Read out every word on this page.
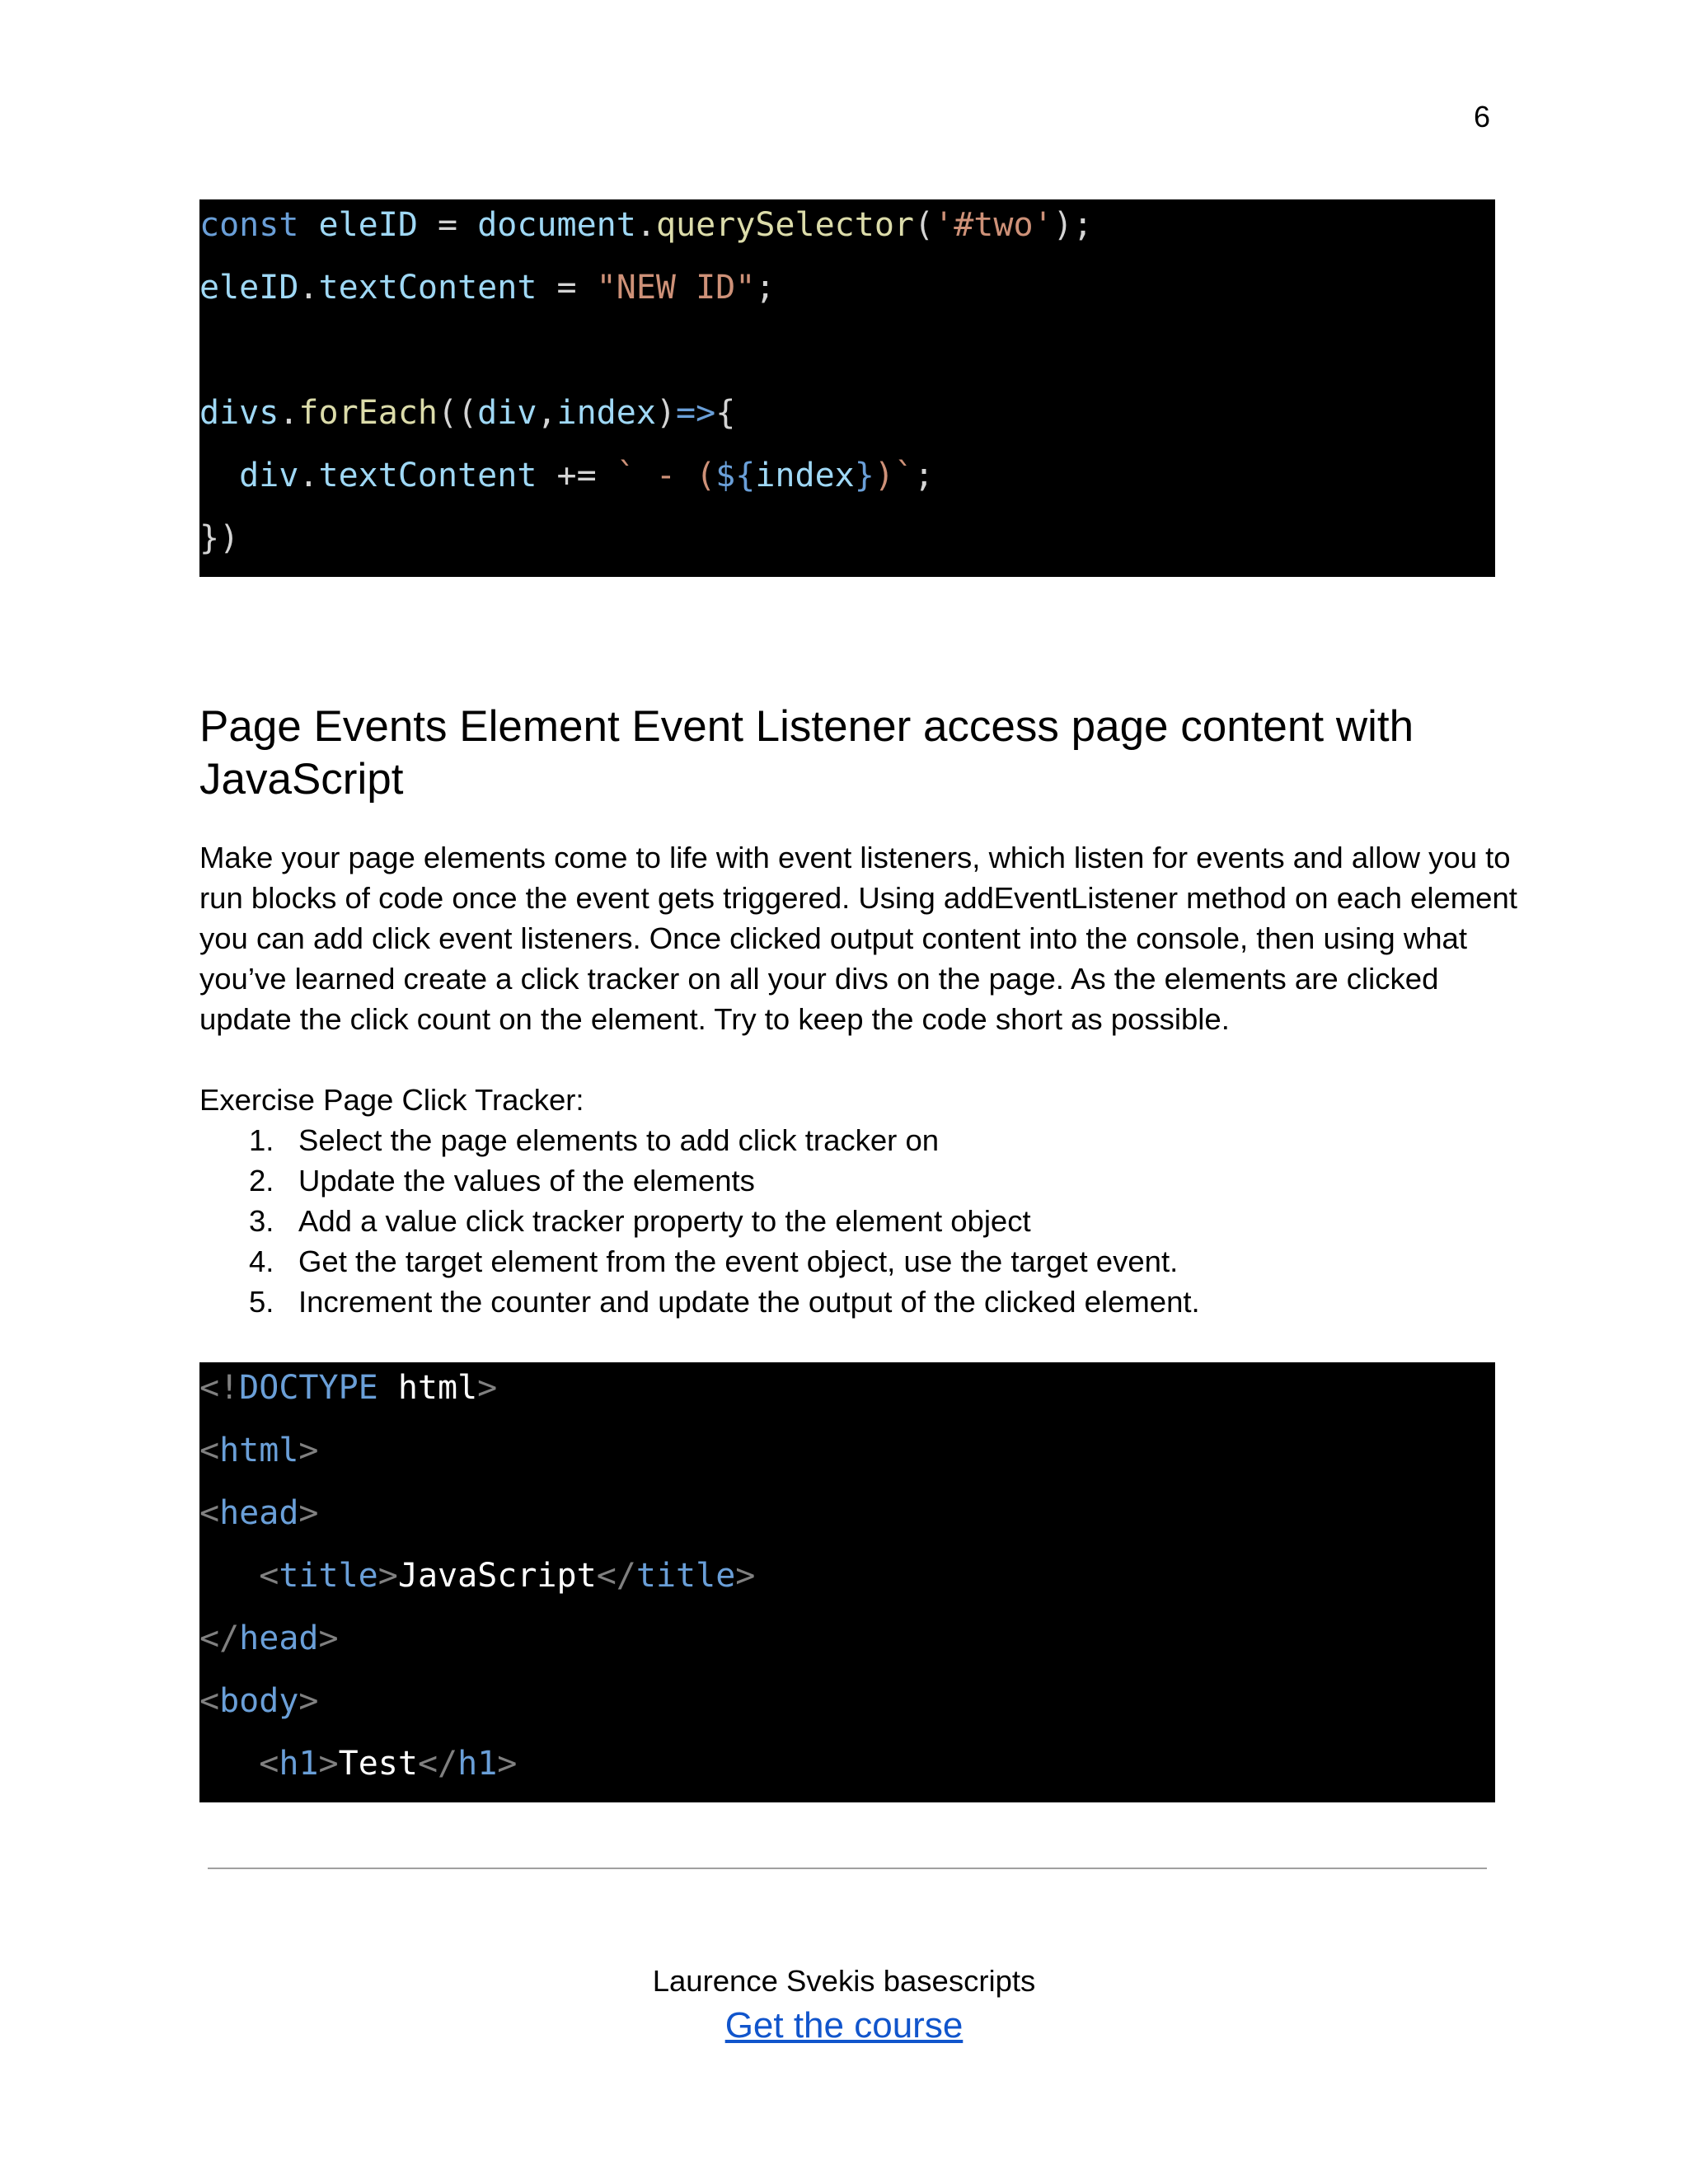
6
const eleID = document.querySelector('#two');
eleID.textContent = "NEW ID";

divs.forEach((div,index)=>{
div.textContent += ` - (${index})`;
})
Page Events Element Event Listener access page content with JavaScript

Make your page elements come to life with event listeners, which listen for events and allow you to run blocks of code once the event gets triggered. Using addEventListener method on each element you can add click event listeners. Once clicked output content into the console, then using what you’ve learned create a click tracker on all your divs on the page. As the elements are clicked update the click count on the element. Try to keep the code short as possible.

Exercise Page Click Tracker:

1. Select the page elements to add click tracker on
2. Update the values of the elements
3. Add a value click tracker property to the element object
4. Get the target element from the event object, use the target event.
5. Increment the counter and update the output of the clicked element.
<!DOCTYPE html>
<html>
<head>
<title>JavaScript</title>
</head>
<body>
<h1>Test</h1>
Laurence Svekis basescripts
Get the course
